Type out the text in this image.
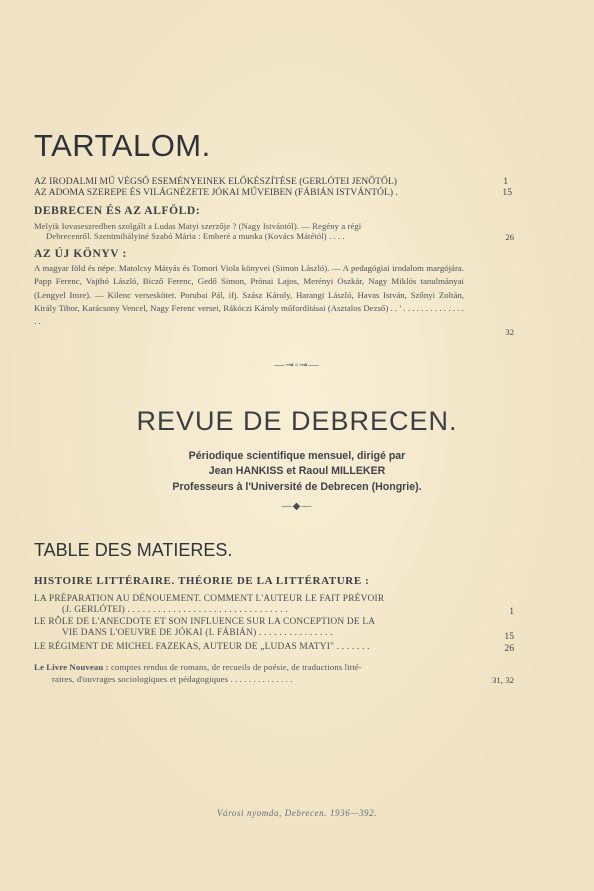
TARTALOM.
AZ IRODALMI MŰ VÉGSŐ ESEMÉNYEINEK ELŐKÉSZÍTÉSE (GERLÓTEI JENŐTŐL)	1
AZ ADOMA SZEREPE ÉS VILÁGNÉZETE JÓKAI MŰVEIBEN (FÁBIÁN ISTVÁNTÓL) .	15
DEBRECEN ÉS AZ ALFÖLD:
Melyik Iovaseszredben szolgált a Ludas Matyi szerzője ? (Nagy Istvántól). — Regény a régi
Debrecenről. Szentmihályiné Szabó Mária : Emberé a munka (Kovács Mátétól) . . . .	26
AZ ÚJ KÖNYV :
A magyar föld és népe. Matolcsy Mátyás és Tomori Viola könyvei (Simon László). — A pedagógiai irodalom margójára. Papp Ferenc, Vajthó László, Bicző Ferenc, Gedő Simon, Prónai Lajos, Merényi Oszkár, Nagy Miklós tanulmányai (Lengyel Imre). — Kilenc verseskötet. Porubai Pál, ifj. Szász Károly, Harangi László, Havas István, Szőnyi Zoltán, Király Tibor, Karácsony Vencel, Nagy Ferenc versei, Rákóczi Károly műfordításai (Asztalos Dezső) . . ' . . . . . . . . . . . . . . . .
32
—⊸◦⊸—
REVUE DE DEBRECEN.
Périodique scientifique mensuel, dirigé par
Jean HANKISS et Raoul MILLEKER
Professeurs à l'Université de Debrecen (Hongrie).
—◆—
TABLE DES MATIERES.
HISTOIRE LITTÉRAIRE. THÉORIE DE LA LITTÉRATURE :
LA PRÉPARATION AU DÉNOUEMENT. COMMENT L'AUTEUR LE FAIT PRÉVOIR
(J. GERLÓTEI) . . . . . . . . . . . . . . . . . . . . . . . . . . . . . . . .	1
LE RÔLE DE L'ANECDOTE ET SON INFLUENCE SUR LA CONCEPTION DE LA
VIE DANS L'OEUVRE DE JÓKAI (I. FÁBIÁN) . . . . . . . . . . . . . . .	15
LE RÉGIMENT DE MICHEL FAZEKAS, AUTEUR DE „LUDAS MATYI" . . . . . . .	26
Le Livre Nouveau : comptes rendus de romans, de recueils de poésie, de traductions litté-
raires, d'ouvrages sociologiques et pédagogiques . . . . . . . . . . . . . .	31, 32
Városi nyomda, Debrecen. 1936—392.
